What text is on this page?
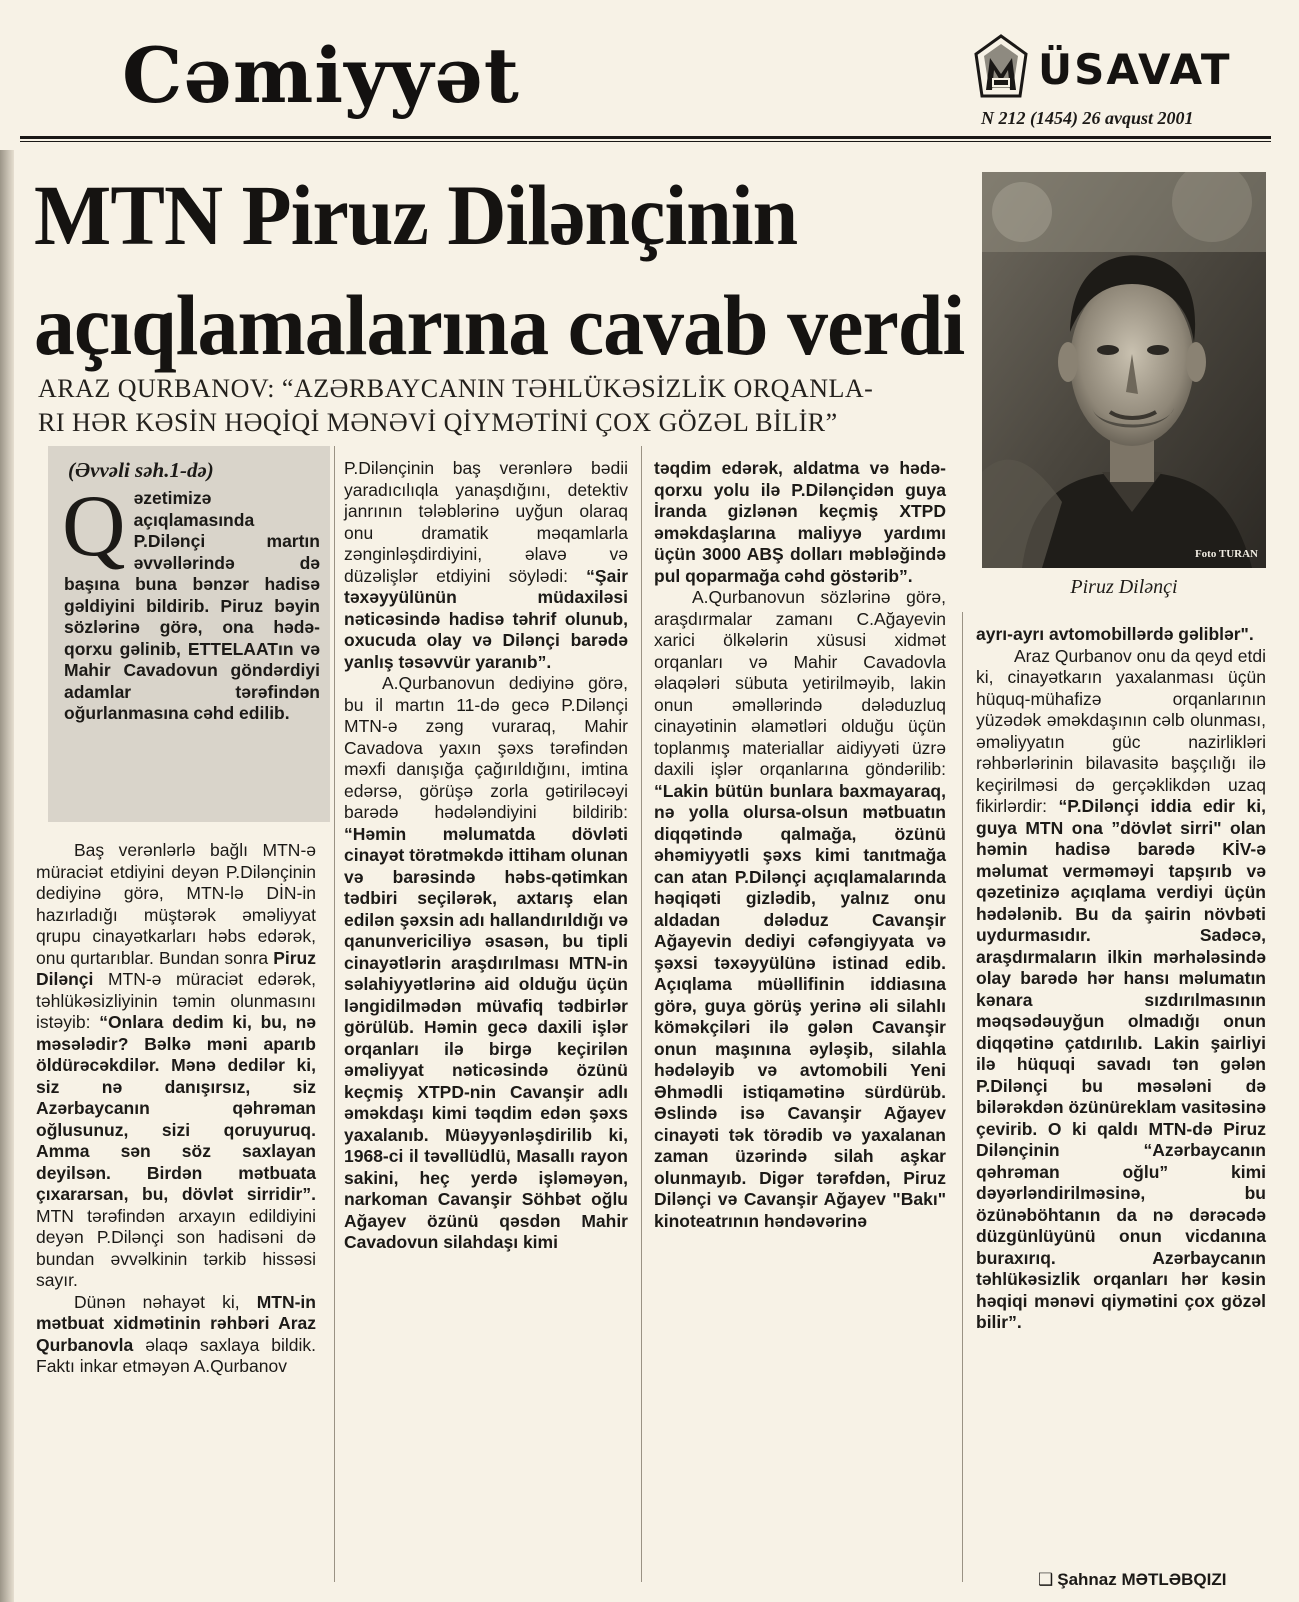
Cəmiyyət	ÜSAVAT
N 212 (1454) 26 avqust 2001
MTN Piruz Dilənçinin
açıqlamalarına cavab verdi
ARAZ QURBANOV: “AZƏRBAYCANIN TƏHLÜKƏSİZLİK ORQANLA-
RI HƏR KƏSİN HƏQİQİ MƏNƏVİ QİYMƏTİNİ ÇOX GÖZƏL BİLİR”
Foto TURAN
Piruz Dilənçi
(Əvvəli səh.1-də)
Qəzetimizə açıqlamasında P.Dilənçi martın əvvəllərində də başına buna bənzər hadisə gəldiyini bildirib. Piruz bəyin sözlərinə görə, ona hədə-qorxu gəlinib, ETTELAATın və Mahir Cavadovun göndərdiyi adamlar tərəfindən oğurlanmasına cəhd edilib.

Baş verənlərlə bağlı MTN-ə müraciət etdiyini deyən P.Dilənçinin dediyinə görə, MTN-lə DİN-in hazırladığı müştərək əməliyyat qrupu cinayətkarları həbs edərək, onu qurtarıblar. Bundan sonra Piruz Dilənçi MTN-ə müraciət edərək, təhlükəsizliyinin təmin olunmasını istəyib: “Onlara dedim ki, bu, nə məsələdir? Bəlkə məni aparıb öldürəcəkdilər. Mənə dedilər ki, siz nə danışırsız, siz Azərbaycanın qəhrəman oğlusunuz, sizi qoruyuruq. Amma sən söz saxlayan deyilsən. Birdən mətbuata çıxararsan, bu, dövlət sirridir”. MTN tərəfindən arxayın edildiyini deyən P.Dilənçi son hadisəni də bundan əvvəlkinin tərkib hissəsi sayır.

Dünən nəhayət ki, MTN-in mətbuat xidmətinin rəhbəri Araz Qurbanovla əlaqə saxlaya bildik. Faktı inkar etməyən A.Qurbanov

P.Dilənçinin baş verənlərə bədii yaradıcılıqla yanaşdığını, detektiv janrının tələblərinə uyğun olaraq onu dramatik məqamlarla zənginləşdirdiyini, əlavə və düzəlişlər etdiyini söylədi: “Şair təxəyyülünün müdaxiləsi nəticəsində hadisə təhrif olunub, oxucuda olay və Dilənçi barədə yanlış təsəvvür yaranıb”.

A.Qurbanovun dediyinə görə, bu il martın 11-də gecə P.Dilənçi MTN-ə zəng vuraraq, Mahir Cavadova yaxın şəxs tərəfindən məxfi danışığa çağırıldığını, imtina edərsə, görüşə zorla gətiriləcəyi barədə hədələndiyini bildirib: “Həmin məlumatda dövləti cinayət törətməkdə ittiham olunan və barəsində həbs-qətimkan tədbiri seçilərək, axtarış elan edilən şəxsin adı hallandırıldığı və qanunvericiliyə əsasən, bu tipli cinayətlərin araşdırılması MTN-in səlahiyyətlərinə aid olduğu üçün ləngidilmədən müvafiq tədbirlər görülüb. Həmin gecə daxili işlər orqanları ilə birgə keçirilən əməliyyat nəticəsində özünü keçmiş XTPD-nin Cavanşir adlı əməkdaşı kimi təqdim edən şəxs yaxalanıb. Müəyyənləşdirilib ki, 1968-ci il təvəllüdlü, Masallı rayon sakini, heç yerdə işləməyən, narkoman Cavanşir Söhbət oğlu Ağayev özünü qəsdən Mahir Cavadovun silahdaşı kimi

təqdim edərək, aldatma və hədə-qorxu yolu ilə P.Dilənçidən guya İranda gizlənən keçmiş XTPD əməkdaşlarına maliyyə yardımı üçün 3000 ABŞ dolları məbləğində pul qoparmağa cəhd göstərib”.

A.Qurbanovun sözlərinə görə, araşdırmalar zamanı C.Ağayevin xarici ölkələrin xüsusi xidmət orqanları və Mahir Cavadovla əlaqələri sübuta yetirilməyib, lakin onun əməllərində dələduzluq cinayətinin əlamətləri olduğu üçün toplanmış materiallar aidiyyəti üzrə daxili işlər orqanlarına göndərilib: “Lakin bütün bunlara baxmayaraq, nə yolla olursa-olsun mətbuatın diqqətində qalmağa, özünü əhəmiyyətli şəxs kimi tanıtmağa can atan P.Dilənçi açıqlamalarında həqiqəti gizlədib, yalnız onu aldadan dələduz Cavanşir Ağayevin dediyi cəfəngiyyata və şəxsi təxəyyülünə istinad edib. Açıqlama müəllifinin iddiasına görə, guya görüş yerinə əli silahlı köməkçiləri ilə gələn Cavanşir onun maşınına əyləşib, silahla hədələyib və avtomobili Yeni Əhmədli istiqamətinə sürdürüb. Əslində isə Cavanşir Ağayev cinayəti tək törədib və yaxalanan zaman üzərində silah aşkar olunmayıb. Digər tərəfdən, Piruz Dilənçi və Cavanşir Ağayev "Bakı" kinoteatrının həndəvərinə

ayrı-ayrı avtomobillərdə gəliblər".

Araz Qurbanov onu da qeyd etdi ki, cinayətkarın yaxalanması üçün hüquq-mühafizə orqanlarının yüzədək əməkdaşının cəlb olunması, əməliyyatın güc nazirlikləri rəhbərlərinin bilavasitə başçılığı ilə keçirilməsi də gerçəklikdən uzaq fikirlərdir: “P.Dilənçi iddia edir ki, guya MTN ona ”dövlət sirri" olan həmin hadisə barədə KİV-ə məlumat verməməyi tapşırıb və qəzetinizə açıqlama verdiyi üçün hədələnib. Bu da şairin növbəti uydurmasıdır. Sadəcə, araşdırmaların ilkin mərhələsində olay barədə hər hansı məlumatın kənara sızdırılmasının məqsədəuyğun olmadığı onun diqqətinə çatdırılıb. Lakin şairliyi ilə hüquqi savadı tən gələn P.Dilənçi bu məsələni də bilərəkdən özünüreklam vasitəsinə çevirib. O ki qaldı MTN-də Piruz Dilənçinin “Azərbaycanın qəhrəman oğlu” kimi dəyərləndirilməsinə, bu özünəböhtanın da nə dərəcədə düzgünlüyünü onun vicdanına buraxırıq. Azərbaycanın təhlükəsizlik orqanları hər kəsin həqiqi mənəvi qiymətini çox gözəl bilir”.

❑ Şahnaz MƏTLƏBQIZI
